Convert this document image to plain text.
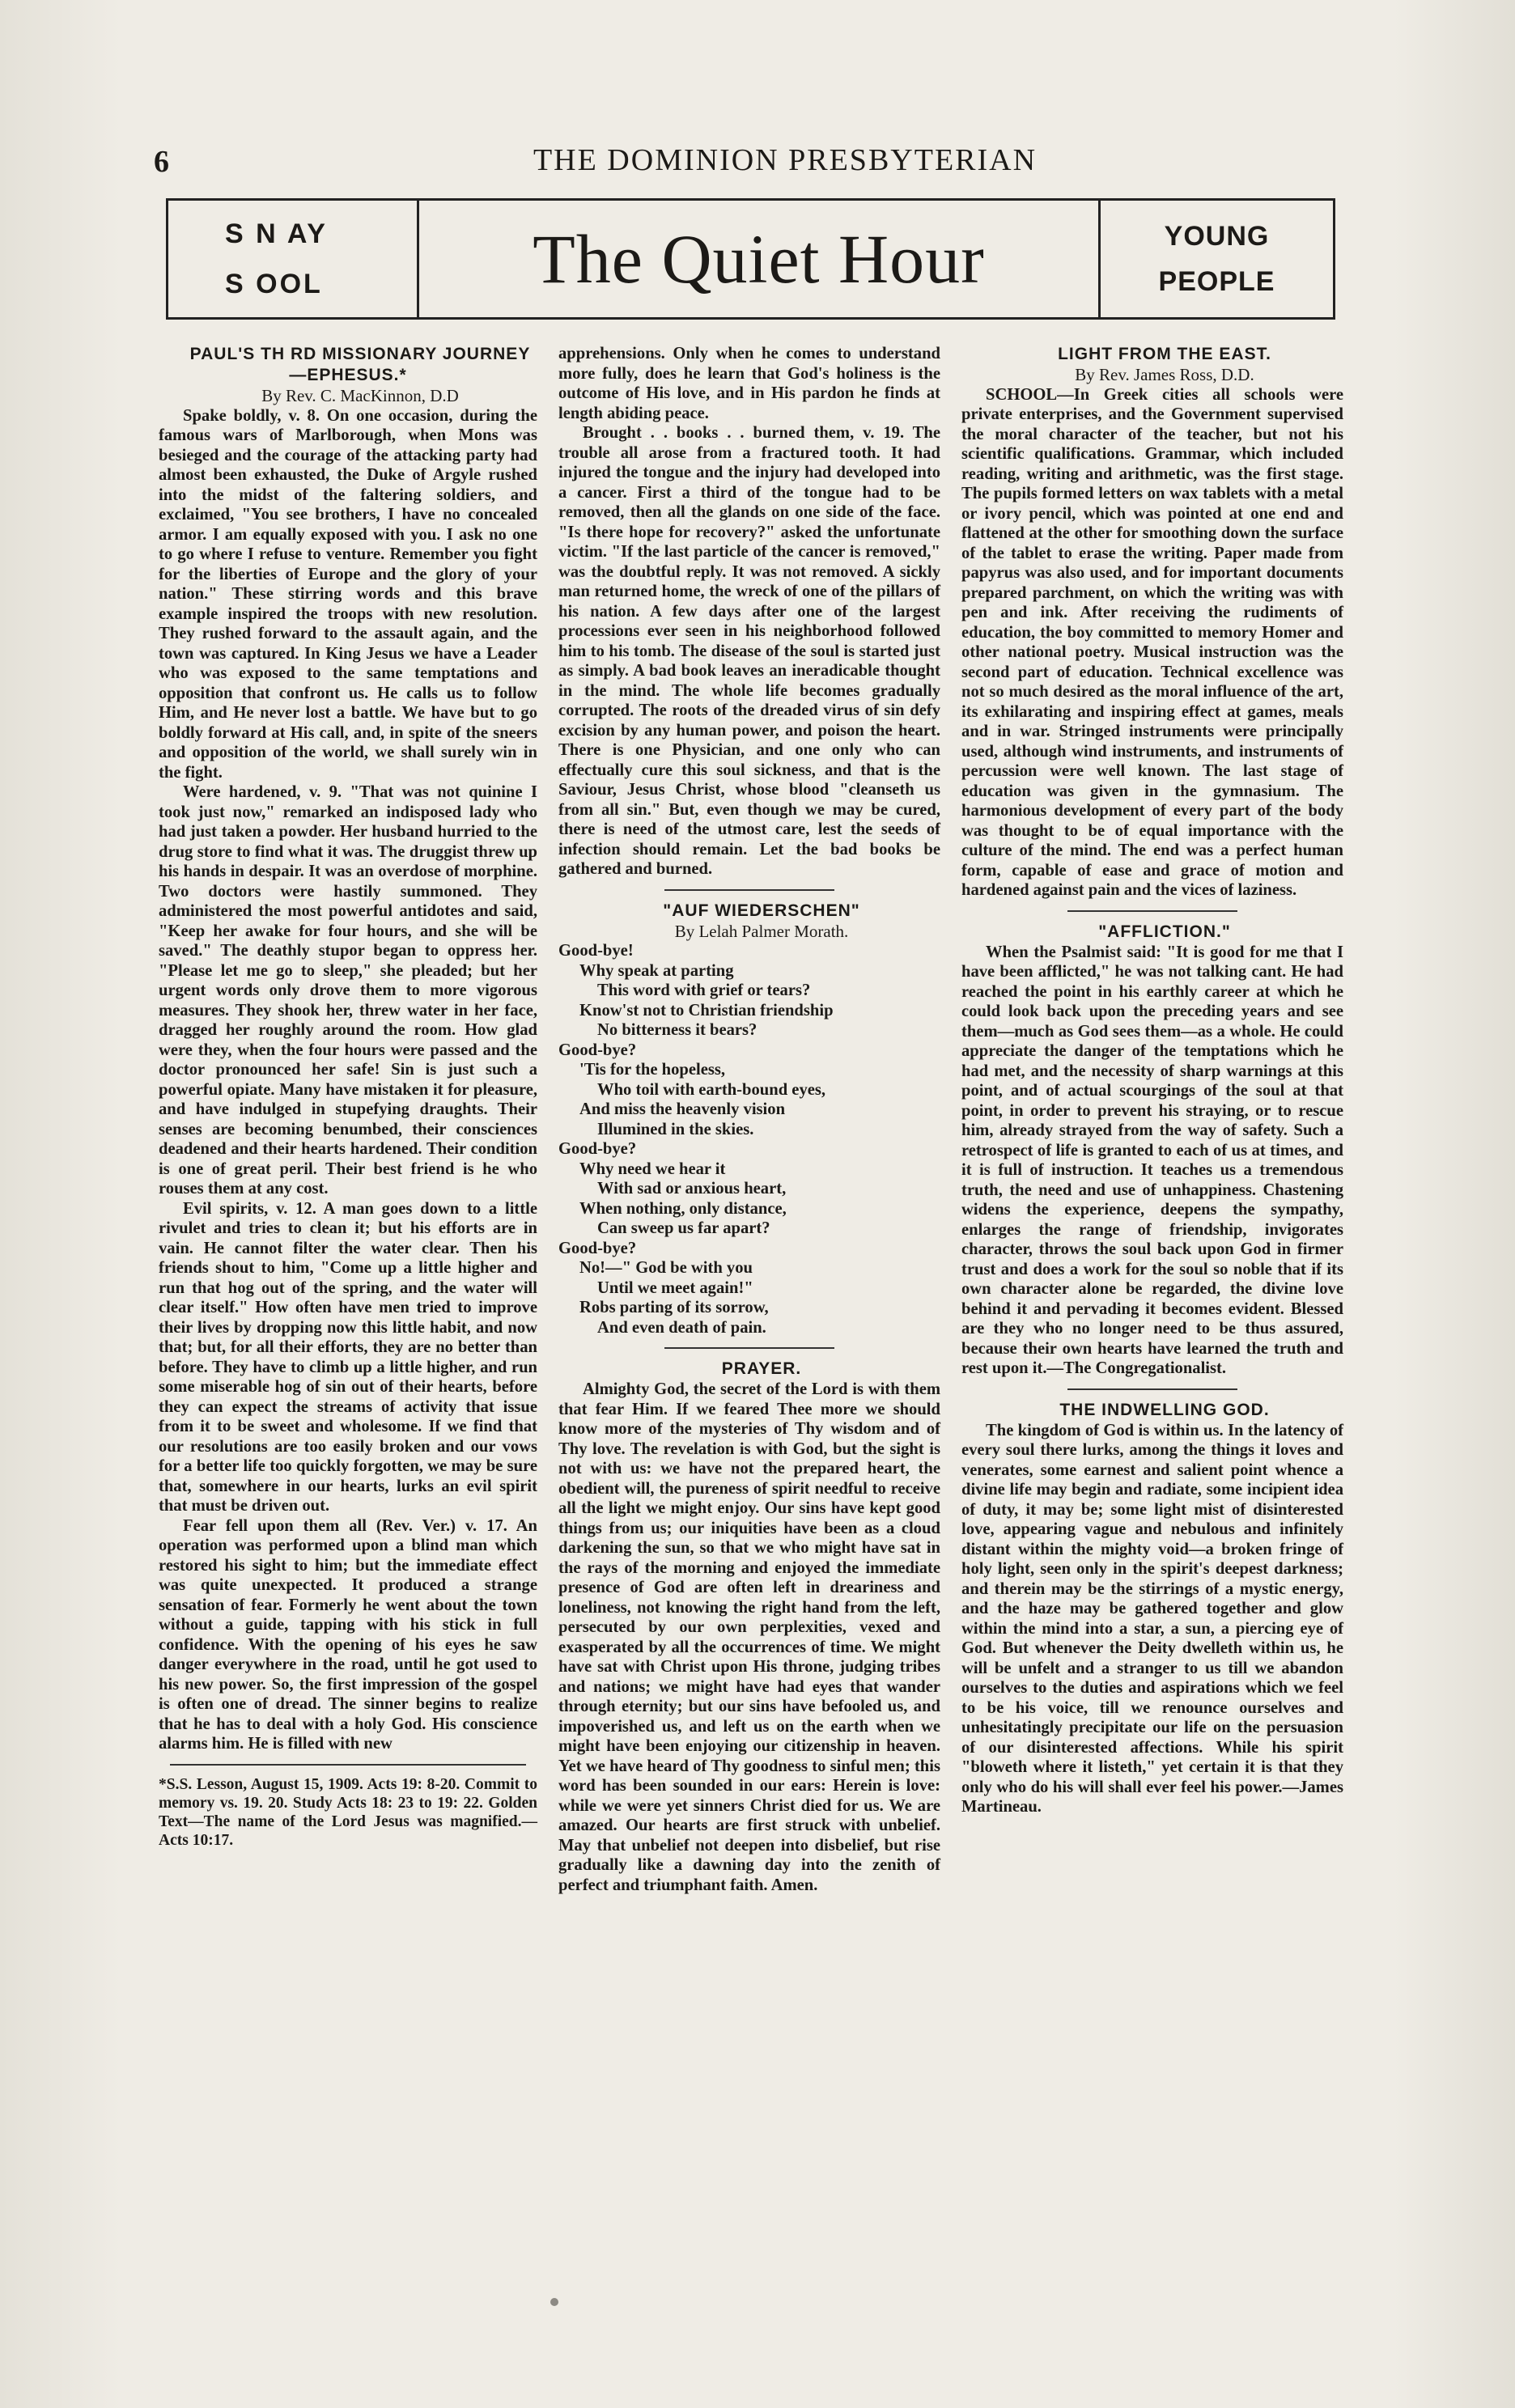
6	THE DOMINION PRESBYTERIAN
S N AY
S OOL	The Quiet Hour	YOUNG
PEOPLE

PAUL'S TH RD MISSIONARY JOURNEY—EPHESUS.*

By Rev. C. MacKinnon, D.D

Spake boldly, v. 8. On one occasion, during the famous wars of Marlborough, when Mons was besieged and the courage of the attacking party had almost been exhausted, the Duke of Argyle rushed into the midst of the faltering soldiers, and exclaimed, "You see brothers, I have no concealed armor. I am equally exposed with you. I ask no one to go where I refuse to venture. Remember you fight for the liberties of Europe and the glory of your nation." These stirring words and this brave example inspired the troops with new resolution. They rushed forward to the assault again, and the town was captured. In King Jesus we have a Leader who was exposed to the same temptations and opposition that confront us. He calls us to follow Him, and He never lost a battle. We have but to go boldly forward at His call, and, in spite of the sneers and opposition of the world, we shall surely win in the fight.

Were hardened, v. 9. "That was not quinine I took just now," remarked an indisposed lady who had just taken a powder. Her husband hurried to the drug store to find what it was. The druggist threw up his hands in despair. It was an overdose of morphine. Two doctors were hastily summoned. They administered the most powerful antidotes and said, "Keep her awake for four hours, and she will be saved." The deathly stupor began to oppress her. "Please let me go to sleep," she pleaded; but her urgent words only drove them to more vigorous measures. They shook her, threw water in her face, dragged her roughly around the room. How glad were they, when the four hours were passed and the doctor pronounced her safe! Sin is just such a powerful opiate. Many have mistaken it for pleasure, and have indulged in stupefying draughts. Their senses are becoming benumbed, their consciences deadened and their hearts hardened. Their condition is one of great peril. Their best friend is he who rouses them at any cost.

Evil spirits, v. 12. A man goes down to a little rivulet and tries to clean it; but his efforts are in vain. He cannot filter the water clear. Then his friends shout to him, "Come up a little higher and run that hog out of the spring, and the water will clear itself." How often have men tried to improve their lives by dropping now this little habit, and now that; but, for all their efforts, they are no better than before. They have to climb up a little higher, and run some miserable hog of sin out of their hearts, before they can expect the streams of activity that issue from it to be sweet and wholesome. If we find that our resolutions are too easily broken and our vows for a better life too quickly forgotten, we may be sure that, somewhere in our hearts, lurks an evil spirit that must be driven out.

Fear fell upon them all (Rev. Ver.) v. 17. An operation was performed upon a blind man which restored his sight to him; but the immediate effect was quite unexpected. It produced a strange sensation of fear. Formerly he went about the town without a guide, tapping with his stick in full confidence. With the opening of his eyes he saw danger everywhere in the road, until he got used to his new power. So, the first impression of the gospel is often one of dread. The sinner begins to realize that he has to deal with a holy God. His conscience alarms him. He is filled with new

*S.S. Lesson, August 15, 1909. Acts 19: 8-20. Commit to memory vs. 19. 20. Study Acts 18: 23 to 19: 22. Golden Text—The name of the Lord Jesus was magnified.—Acts 10:17.

apprehensions. Only when he comes to understand more fully, does he learn that God's holiness is the outcome of His love, and in His pardon he finds at length abiding peace.

Brought . . books . . burned them, v. 19. The trouble all arose from a fractured tooth. It had injured the tongue and the injury had developed into a cancer. First a third of the tongue had to be removed, then all the glands on one side of the face. "Is there hope for recovery?" asked the unfortunate victim. "If the last particle of the cancer is removed," was the doubtful reply. It was not removed. A sickly man returned home, the wreck of one of the pillars of his nation. A few days after one of the largest processions ever seen in his neighborhood followed him to his tomb. The disease of the soul is started just as simply. A bad book leaves an ineradicable thought in the mind. The whole life becomes gradually corrupted. The roots of the dreaded virus of sin defy excision by any human power, and poison the heart. There is one Physician, and one only who can effectually cure this soul sickness, and that is the Saviour, Jesus Christ, whose blood "cleanseth us from all sin." But, even though we may be cured, there is need of the utmost care, lest the seeds of infection should remain. Let the bad books be gathered and burned.

"AUF WIEDERSCHEN"

By Lelah Palmer Morath.

Good-bye!
Why speak at parting
This word with grief or tears?
Know'st not to Christian friendship
No bitterness it bears?
Good-bye?
'Tis for the hopeless,
Who toil with earth-bound eyes,
And miss the heavenly vision
Illumined in the skies.
Good-bye?
Why need we hear it
With sad or anxious heart,
When nothing, only distance,
Can sweep us far apart?
Good-bye?
No!—" God be with you
Until we meet again!"
Robs parting of its sorrow,
And even death of pain.

PRAYER.

Almighty God, the secret of the Lord is with them that fear Him. If we feared Thee more we should know more of the mysteries of Thy wisdom and of Thy love. The revelation is with God, but the sight is not with us: we have not the prepared heart, the obedient will, the pureness of spirit needful to receive all the light we might enjoy. Our sins have kept good things from us; our iniquities have been as a cloud darkening the sun, so that we who might have sat in the rays of the morning and enjoyed the immediate presence of God are often left in dreariness and loneliness, not knowing the right hand from the left, persecuted by our own perplexities, vexed and exasperated by all the occurrences of time. We might have sat with Christ upon His throne, judging tribes and nations; we might have had eyes that wander through eternity; but our sins have befooled us, and impoverished us, and left us on the earth when we might have been enjoying our citizenship in heaven. Yet we have heard of Thy goodness to sinful men; this word has been sounded in our ears: Herein is love: while we were yet sinners Christ died for us. We are amazed. Our hearts are first struck with unbelief. May that unbelief not deepen into disbelief, but rise gradually like a dawning day into the zenith of perfect and triumphant faith. Amen.

LIGHT FROM THE EAST.

By Rev. James Ross, D.D.

SCHOOL—In Greek cities all schools were private enterprises, and the Government supervised the moral character of the teacher, but not his scientific qualifications. Grammar, which included reading, writing and arithmetic, was the first stage. The pupils formed letters on wax tablets with a metal or ivory pencil, which was pointed at one end and flattened at the other for smoothing down the surface of the tablet to erase the writing. Paper made from papyrus was also used, and for important documents prepared parchment, on which the writing was with pen and ink. After receiving the rudiments of education, the boy committed to memory Homer and other national poetry. Musical instruction was the second part of education. Technical excellence was not so much desired as the moral influence of the art, its exhilarating and inspiring effect at games, meals and in war. Stringed instruments were principally used, although wind instruments, and instruments of percussion were well known. The last stage of education was given in the gymnasium. The harmonious development of every part of the body was thought to be of equal importance with the culture of the mind. The end was a perfect human form, capable of ease and grace of motion and hardened against pain and the vices of laziness.

"AFFLICTION."

When the Psalmist said: "It is good for me that I have been afflicted," he was not talking cant. He had reached the point in his earthly career at which he could look back upon the preceding years and see them—much as God sees them—as a whole. He could appreciate the danger of the temptations which he had met, and the necessity of sharp warnings at this point, and of actual scourgings of the soul at that point, in order to prevent his straying, or to rescue him, already strayed from the way of safety. Such a retrospect of life is granted to each of us at times, and it is full of instruction. It teaches us a tremendous truth, the need and use of unhappiness. Chastening widens the experience, deepens the sympathy, enlarges the range of friendship, invigorates character, throws the soul back upon God in firmer trust and does a work for the soul so noble that if its own character alone be regarded, the divine love behind it and pervading it becomes evident. Blessed are they who no longer need to be thus assured, because their own hearts have learned the truth and rest upon it.—The Congregationalist.

THE INDWELLING GOD.

The kingdom of God is within us. In the latency of every soul there lurks, among the things it loves and venerates, some earnest and salient point whence a divine life may begin and radiate, some incipient idea of duty, it may be; some light mist of disinterested love, appearing vague and nebulous and infinitely distant within the mighty void—a broken fringe of holy light, seen only in the spirit's deepest darkness; and therein may be the stirrings of a mystic energy, and the haze may be gathered together and glow within the mind into a star, a sun, a piercing eye of God. But whenever the Deity dwelleth within us, he will be unfelt and a stranger to us till we abandon ourselves to the duties and aspirations which we feel to be his voice, till we renounce ourselves and unhesitatingly precipitate our life on the persuasion of our disinterested affections. While his spirit "bloweth where it listeth," yet certain it is that they only who do his will shall ever feel his power.—James Martineau.
